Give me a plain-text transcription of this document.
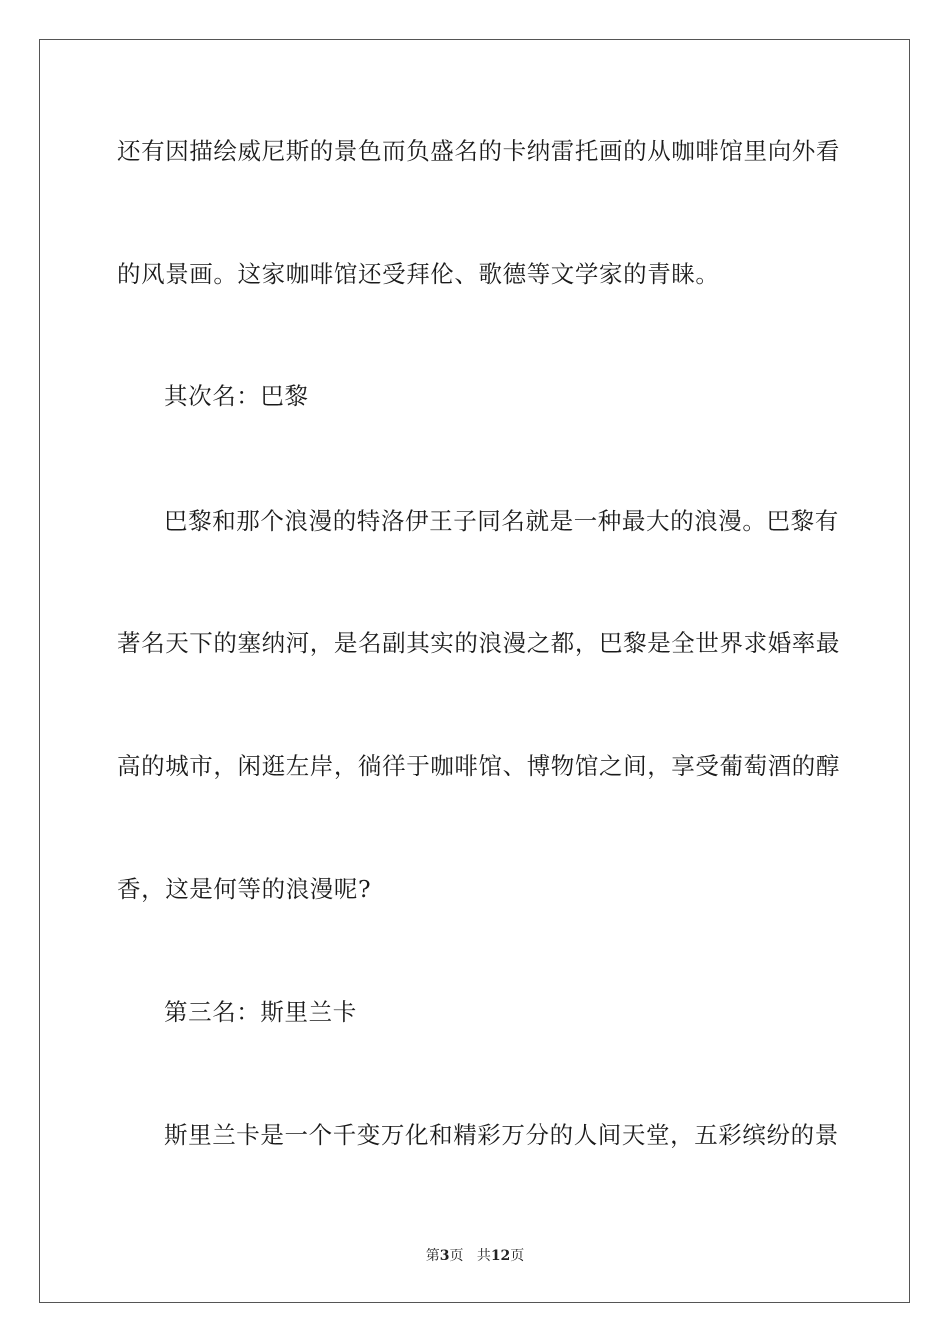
还有因描绘威尼斯的景色而负盛名的卡纳雷托画的从咖啡馆里向外看
的风景画。这家咖啡馆还受拜伦、歌德等文学家的青睐。
其次名：巴黎
巴黎和那个浪漫的特洛伊王子同名就是一种最大的浪漫。巴黎有
著名天下的塞纳河，是名副其实的浪漫之都，巴黎是全世界求婚率最
高的城市，闲逛左岸，徜徉于咖啡馆、博物馆之间，享受葡萄酒的醇
香，这是何等的浪漫呢?
第三名：斯里兰卡
斯里兰卡是一个千变万化和精彩万分的人间天堂，五彩缤纷的景
第3页 共12页
